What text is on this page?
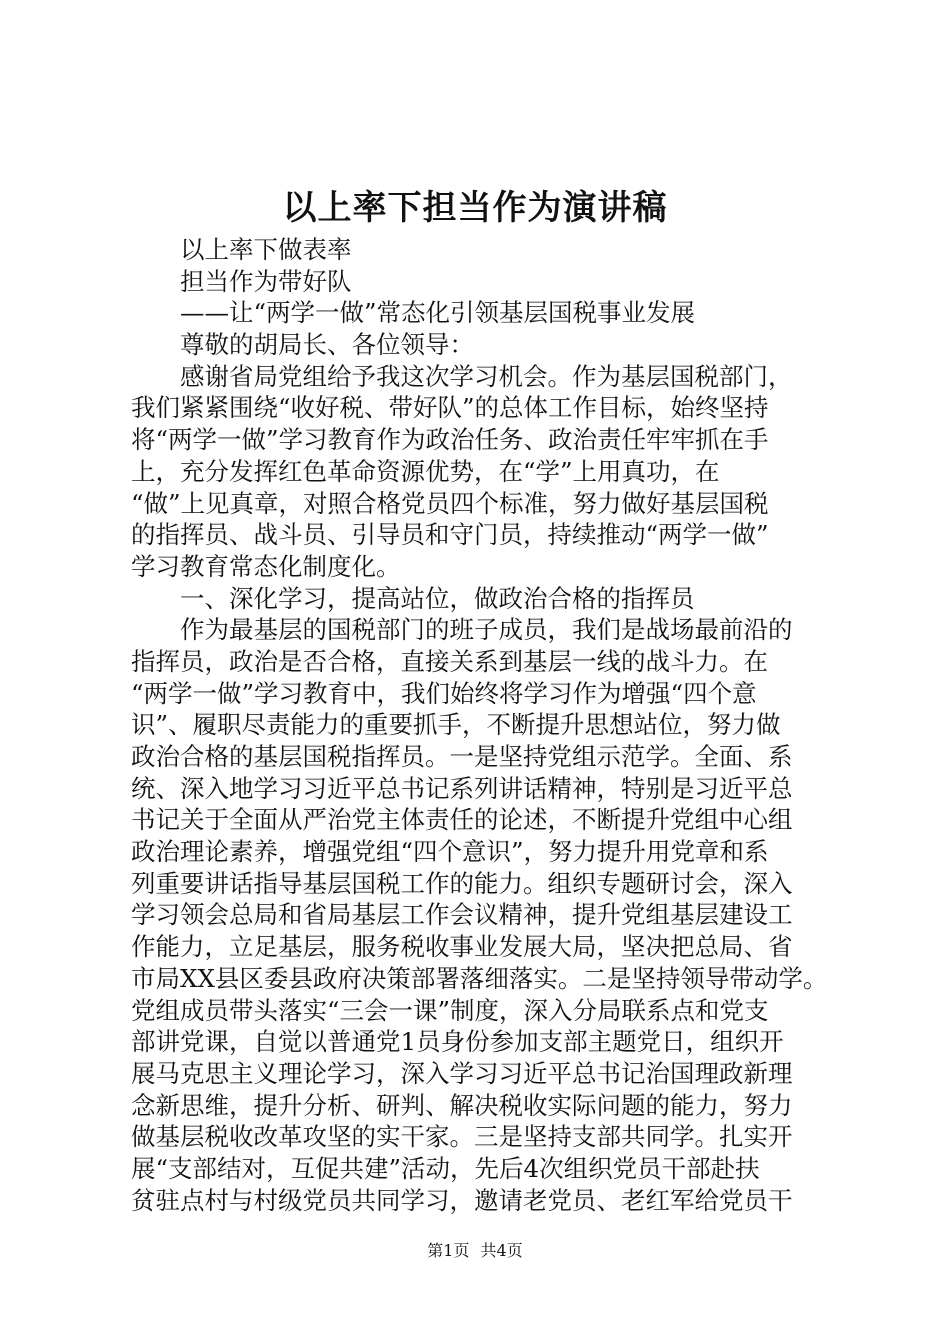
以上率下担当作为演讲稿
以上率下做表率
担当作为带好队
——让“两学一做”常态化引领基层国税事业发展
尊敬的胡局长、各位领导：
感谢省局党组给予我这次学习机会。作为基层国税部门，
我们紧紧围绕“收好税、带好队”的总体工作目标，始终坚持
将“两学一做”学习教育作为政治任务、政治责任牢牢抓在手
上，充分发挥红色革命资源优势，在“学”上用真功，在
“做”上见真章，对照合格党员四个标准，努力做好基层国税
的指挥员、战斗员、引导员和守门员，持续推动“两学一做”
学习教育常态化制度化。
一、深化学习，提高站位，做政治合格的指挥员
作为最基层的国税部门的班子成员，我们是战场最前沿的
指挥员，政治是否合格，直接关系到基层一线的战斗力。在
“两学一做”学习教育中，我们始终将学习作为增强“四个意
识”、履职尽责能力的重要抓手，不断提升思想站位，努力做
政治合格的基层国税指挥员。一是坚持党组示范学。全面、系
统、深入地学习习近平总书记系列讲话精神，特别是习近平总
书记关于全面从严治党主体责任的论述，不断提升党组中心组
政治理论素养，增强党组“四个意识”，努力提升用党章和系
列重要讲话指导基层国税工作的能力。组织专题研讨会，深入
学习领会总局和省局基层工作会议精神，提升党组基层建设工
作能力，立足基层，服务税收事业发展大局，坚决把总局、省
市局XX县区委县政府决策部署落细落实。二是坚持领导带动学。
党组成员带头落实“三会一课”制度，深入分局联系点和党支
部讲党课，自觉以普通党1员身份参加支部主题党日，组织开
展马克思主义理论学习，深入学习习近平总书记治国理政新理
念新思维，提升分析、研判、解决税收实际问题的能力，努力
做基层税收改革攻坚的实干家。三是坚持支部共同学。扎实开
展“支部结对，互促共建”活动，先后4次组织党员干部赴扶
贫驻点村与村级党员共同学习，邀请老党员、老红军给党员干
第1页 共4页
